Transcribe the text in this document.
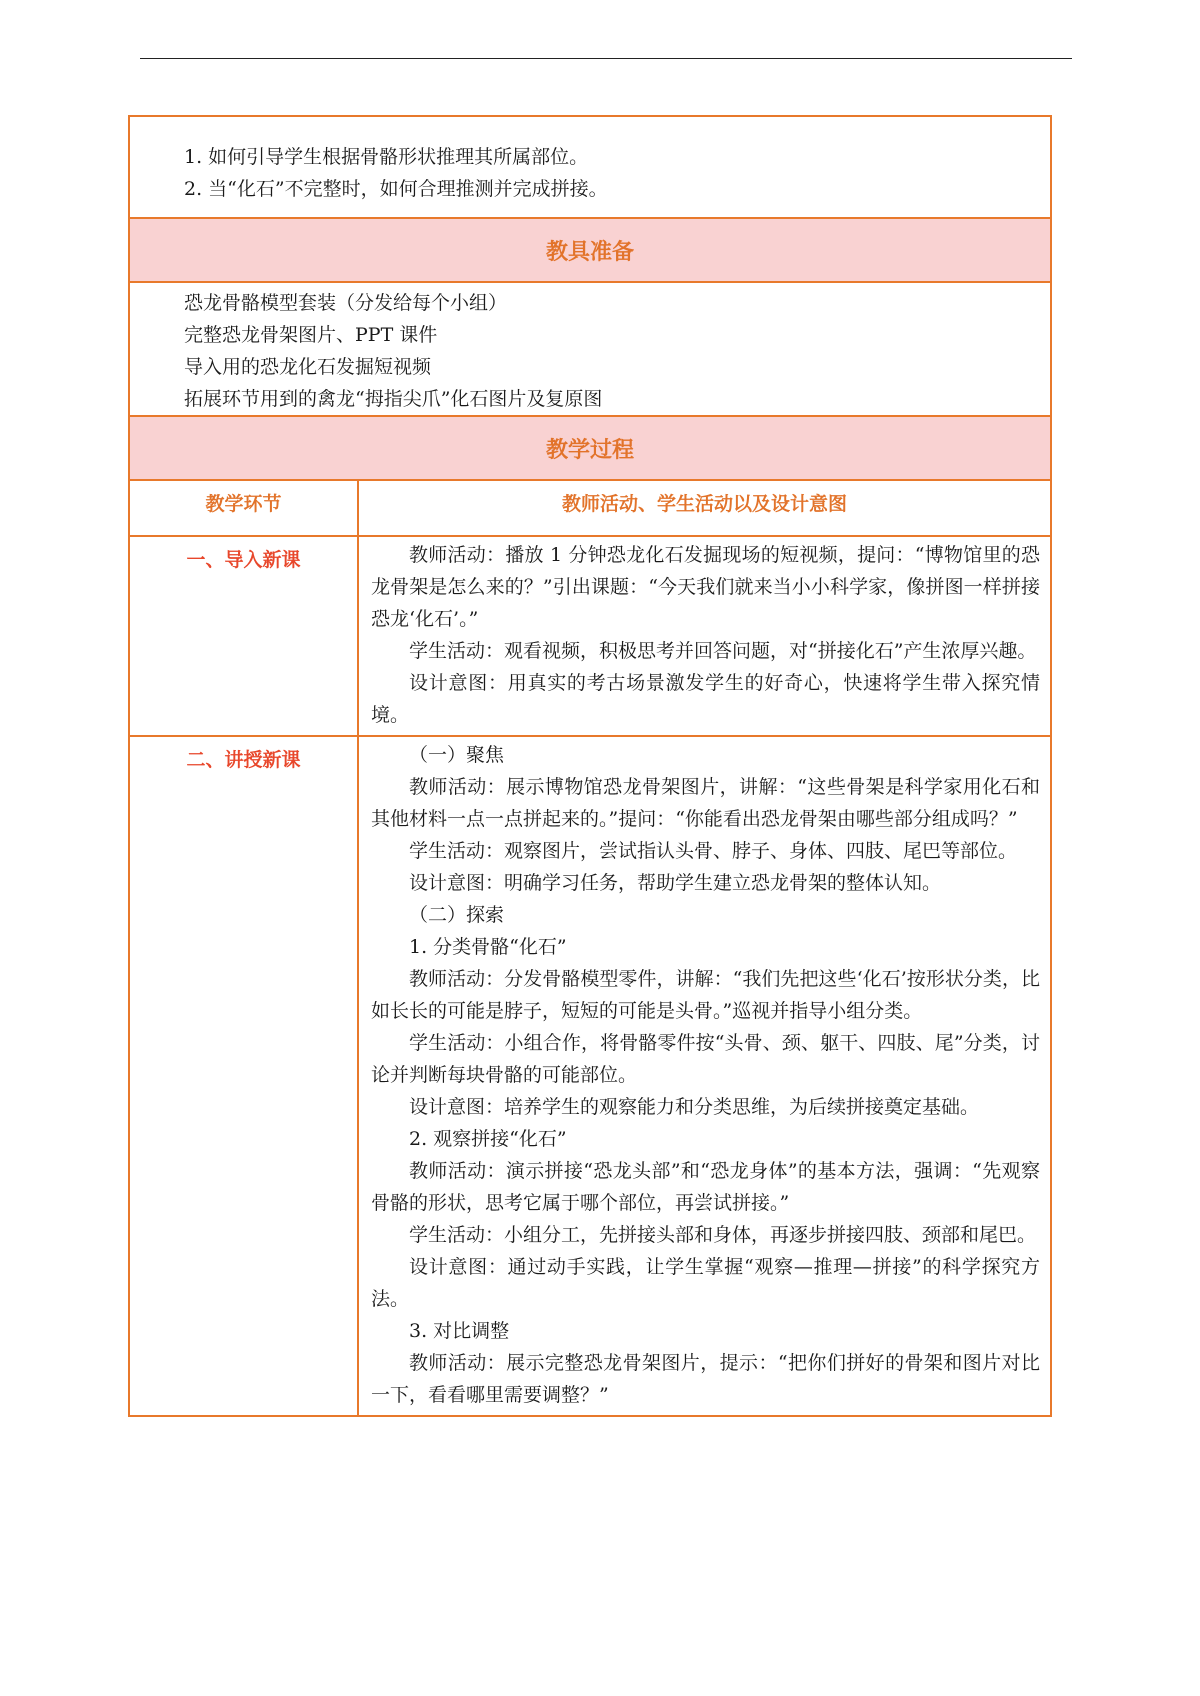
1. 如何引导学生根据骨骼形状推理其所属部位。
2. 当“化石”不完整时，如何合理推测并完成拼接。
教具准备
恐龙骨骼模型套装（分发给每个小组）
完整恐龙骨架图片、PPT 课件
导入用的恐龙化石发掘短视频
拓展环节用到的禽龙“拇指尖爪”化石图片及复原图
教学过程
教学环节	教师活动、学生活动以及设计意图
一、导入新课	教师活动：播放 1 分钟恐龙化石发掘现场的短视频，提问：“博物馆里的恐龙骨架是怎么来的？”引出课题：“今天我们就来当小小科学家，像拼图一样拼接恐龙‘化石’。”

学生活动：观看视频，积极思考并回答问题，对“拼接化石”产生浓厚兴趣。

设计意图：用真实的考古场景激发学生的好奇心，快速将学生带入探究情境。

二、讲授新课	（一）聚焦

教师活动：展示博物馆恐龙骨架图片，讲解：“这些骨架是科学家用化石和其他材料一点一点拼起来的。”提问：“你能看出恐龙骨架由哪些部分组成吗？”

学生活动：观察图片，尝试指认头骨、脖子、身体、四肢、尾巴等部位。

设计意图：明确学习任务，帮助学生建立恐龙骨架的整体认知。

（二）探索

1. 分类骨骼“化石”

教师活动：分发骨骼模型零件，讲解：“我们先把这些‘化石’按形状分类，比如长长的可能是脖子，短短的可能是头骨。”巡视并指导小组分类。

学生活动：小组合作，将骨骼零件按“头骨、颈、躯干、四肢、尾”分类，讨论并判断每块骨骼的可能部位。

设计意图：培养学生的观察能力和分类思维，为后续拼接奠定基础。

2. 观察拼接“化石”

教师活动：演示拼接“恐龙头部”和“恐龙身体”的基本方法，强调：“先观察骨骼的形状，思考它属于哪个部位，再尝试拼接。”

学生活动：小组分工，先拼接头部和身体，再逐步拼接四肢、颈部和尾巴。

设计意图：通过动手实践，让学生掌握“观察—推理—拼接”的科学探究方法。

3. 对比调整

教师活动：展示完整恐龙骨架图片，提示：“把你们拼好的骨架和图片对比一下，看看哪里需要调整？”
